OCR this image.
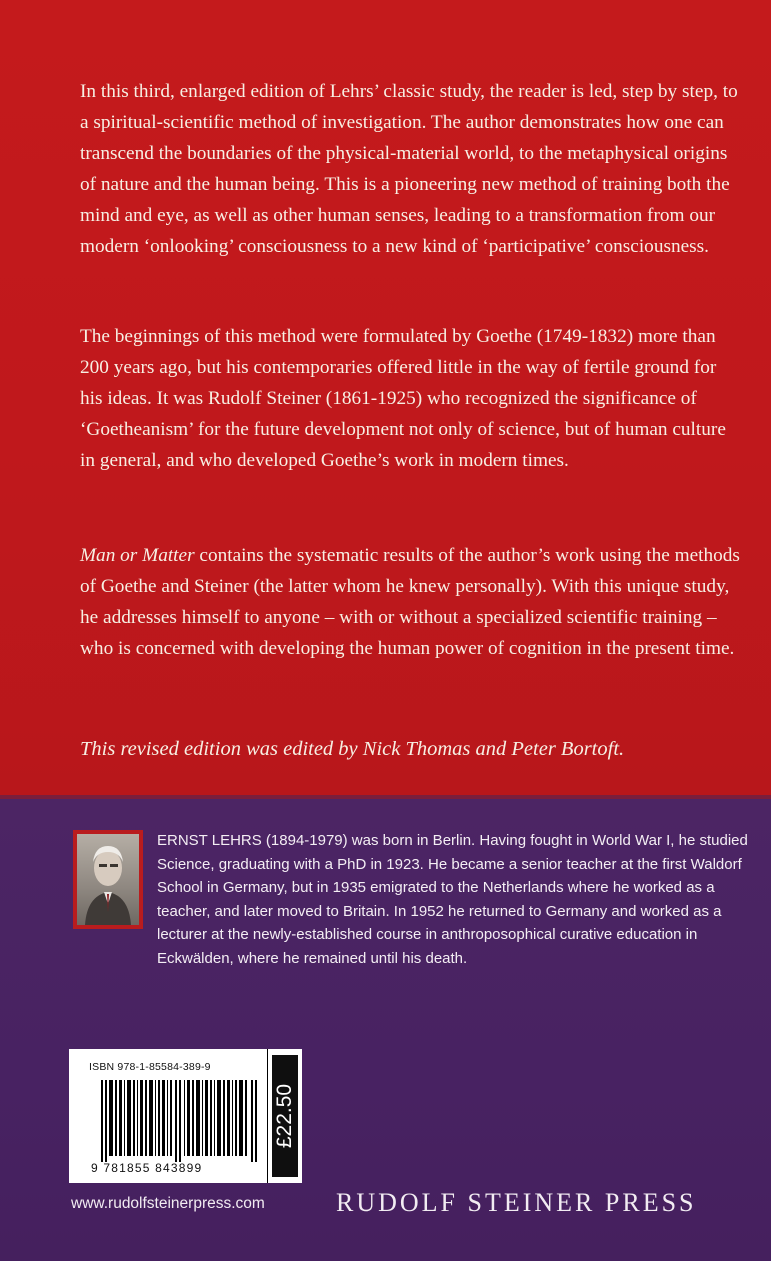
In this third, enlarged edition of Lehrs’ classic study, the reader is led, step by step, to a spiritual-scientific method of investigation. The author demonstrates how one can transcend the boundaries of the physical-material world, to the metaphysical origins of nature and the human being. This is a pioneering new method of training both the mind and eye, as well as other human senses, leading to a transformation from our modern ‘onlooking’ consciousness to a new kind of ‘participative’ consciousness.

The beginnings of this method were formulated by Goethe (1749-1832) more than 200 years ago, but his contemporaries offered little in the way of fertile ground for his ideas. It was Rudolf Steiner (1861-1925) who recognized the significance of ‘Goetheanism’ for the future development not only of science, but of human culture in general, and who developed Goethe’s work in modern times.

Man or Matter contains the systematic results of the author’s work using the methods of Goethe and Steiner (the latter whom he knew personally). With this unique study, he addresses himself to anyone – with or without a specialized scientific training – who is concerned with developing the human power of cognition in the present time.

This revised edition was edited by Nick Thomas and Peter Bortoft.

ERNST LEHRS (1894-1979) was born in Berlin. Having fought in World War I, he studied Science, graduating with a PhD in 1923. He became a senior teacher at the first Waldorf School in Germany, but in 1935 emigrated to the Netherlands where he worked as a teacher, and later moved to Britain. In 1952 he returned to Germany and worked as a lecturer at the newly-established course in anthroposophical curative education in Eckwälden, where he remained until his death.

ISBN 978-1-85584-389-9
9 781855 843899
£22.50
www.rudolfsteinerpress.com	RUDOLF STEINER PRESS
